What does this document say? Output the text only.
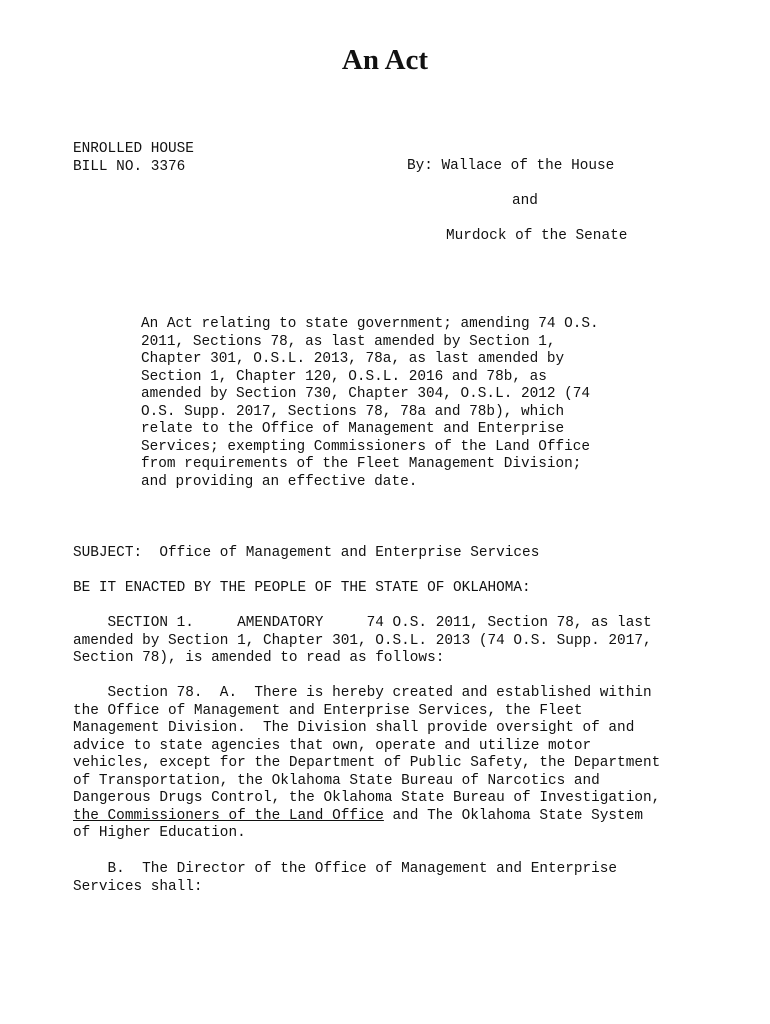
An Act
ENROLLED HOUSE
BILL NO. 3376	By: Wallace of the House
and
Murdock of the Senate
An Act relating to state government; amending 74 O.S.
2011, Sections 78, as last amended by Section 1,
Chapter 301, O.S.L. 2013, 78a, as last amended by
Section 1, Chapter 120, O.S.L. 2016 and 78b, as
amended by Section 730, Chapter 304, O.S.L. 2012 (74
O.S. Supp. 2017, Sections 78, 78a and 78b), which
relate to the Office of Management and Enterprise
Services; exempting Commissioners of the Land Office
from requirements of the Fleet Management Division;
and providing an effective date.
SUBJECT:  Office of Management and Enterprise Services
BE IT ENACTED BY THE PEOPLE OF THE STATE OF OKLAHOMA:
SECTION 1.     AMENDATORY     74 O.S. 2011, Section 78, as last
amended by Section 1, Chapter 301, O.S.L. 2013 (74 O.S. Supp. 2017,
Section 78), is amended to read as follows:
Section 78.  A.  There is hereby created and established within
the Office of Management and Enterprise Services, the Fleet
Management Division.  The Division shall provide oversight of and
advice to state agencies that own, operate and utilize motor
vehicles, except for the Department of Public Safety, the Department
of Transportation, the Oklahoma State Bureau of Narcotics and
Dangerous Drugs Control, the Oklahoma State Bureau of Investigation,
the Commissioners of the Land Office and The Oklahoma State System
of Higher Education.
B.  The Director of the Office of Management and Enterprise
Services shall:
